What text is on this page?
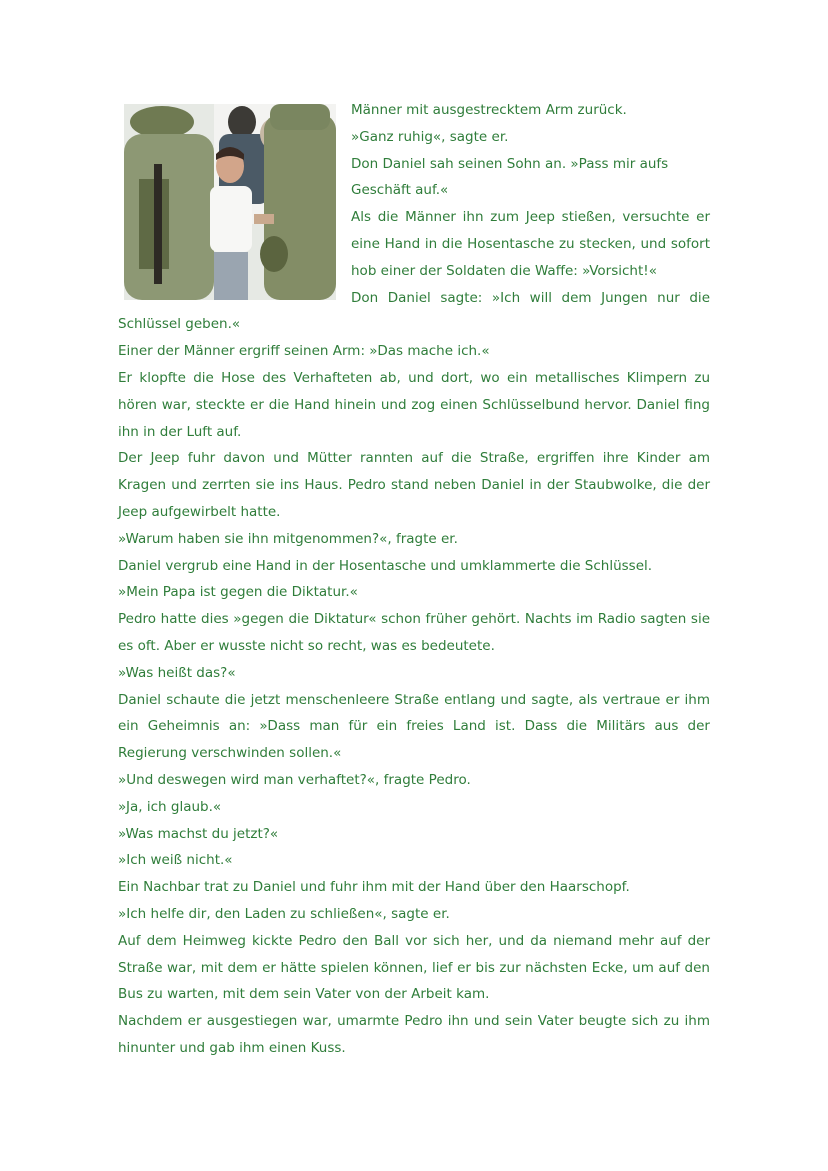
Männer mit ausgestrecktem Arm zurück.

»Ganz ruhig«, sagte er.

Don Daniel sah seinen Sohn an. »Pass mir aufs Geschäft auf.«

Als die Männer ihn zum Jeep stießen, versuchte er eine Hand in die Hosentasche zu stecken, und sofort hob einer der Soldaten die Waffe: »Vorsicht!«

Don Daniel sagte: »Ich will dem Jungen nur die Schlüssel geben.«

Einer der Männer ergriff seinen Arm: »Das mache ich.«

Er klopfte die Hose des Verhafteten ab, und dort, wo ein metallisches Klimpern zu hören war, steckte er die Hand hinein und zog einen Schlüsselbund hervor. Daniel fing ihn in der Luft auf.

Der Jeep fuhr davon und Mütter rannten auf die Straße, ergriffen ihre Kinder am Kragen und zerrten sie ins Haus. Pedro stand neben Daniel in der Staubwolke, die der Jeep aufgewirbelt hatte.

»Warum haben sie ihn mitgenommen?«, fragte er.

Daniel vergrub eine Hand in der Hosentasche und umklammerte die Schlüssel.

»Mein Papa ist gegen die Diktatur.«

Pedro hatte dies »gegen die Diktatur« schon früher gehört. Nachts im Radio sagten sie es oft. Aber er wusste nicht so recht, was es bedeutete.

»Was heißt das?«

Daniel schaute die jetzt menschenleere Straße entlang und sagte, als vertraue er ihm ein Geheimnis an: »Dass man für ein freies Land ist. Dass die Militärs aus der Regierung verschwinden sollen.«

»Und deswegen wird man verhaftet?«, fragte Pedro.

»Ja, ich glaub.«

»Was machst du jetzt?«

»Ich weiß nicht.«

Ein Nachbar trat zu Daniel und fuhr ihm mit der Hand über den Haarschopf.

»Ich helfe dir, den Laden zu schließen«, sagte er.

Auf dem Heimweg kickte Pedro den Ball vor sich her, und da niemand mehr auf der Straße war, mit dem er hätte spielen können, lief er bis zur nächsten Ecke, um auf den Bus zu warten, mit dem sein Vater von der Arbeit kam.

Nachdem er ausgestiegen war, umarmte Pedro ihn und sein Vater beugte sich zu ihm hinunter und gab ihm einen Kuss.
